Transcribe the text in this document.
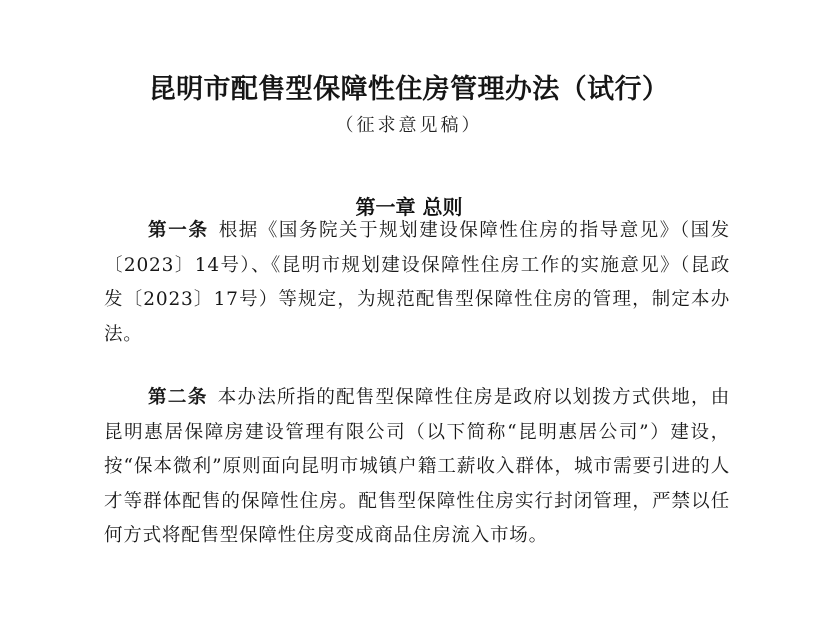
昆明市配售型保障性住房管理办法（试行）
（征求意见稿）
第一章 总则

第一条 根据《国务院关于规划建设保障性住房的指导意见》（国发〔2023〕14号）、《昆明市规划建设保障性住房工作的实施意见》（昆政发〔2023〕17号）等规定，为规范配售型保障性住房的管理，制定本办法。

第二条 本办法所指的配售型保障性住房是政府以划拨方式供地，由昆明惠居保障房建设管理有限公司（以下简称“昆明惠居公司”）建设，按“保本微利”原则面向昆明市城镇户籍工薪收入群体，城市需要引进的人才等群体配售的保障性住房。配售型保障性住房实行封闭管理，严禁以任何方式将配售型保障性住房变成商品住房流入市场。
